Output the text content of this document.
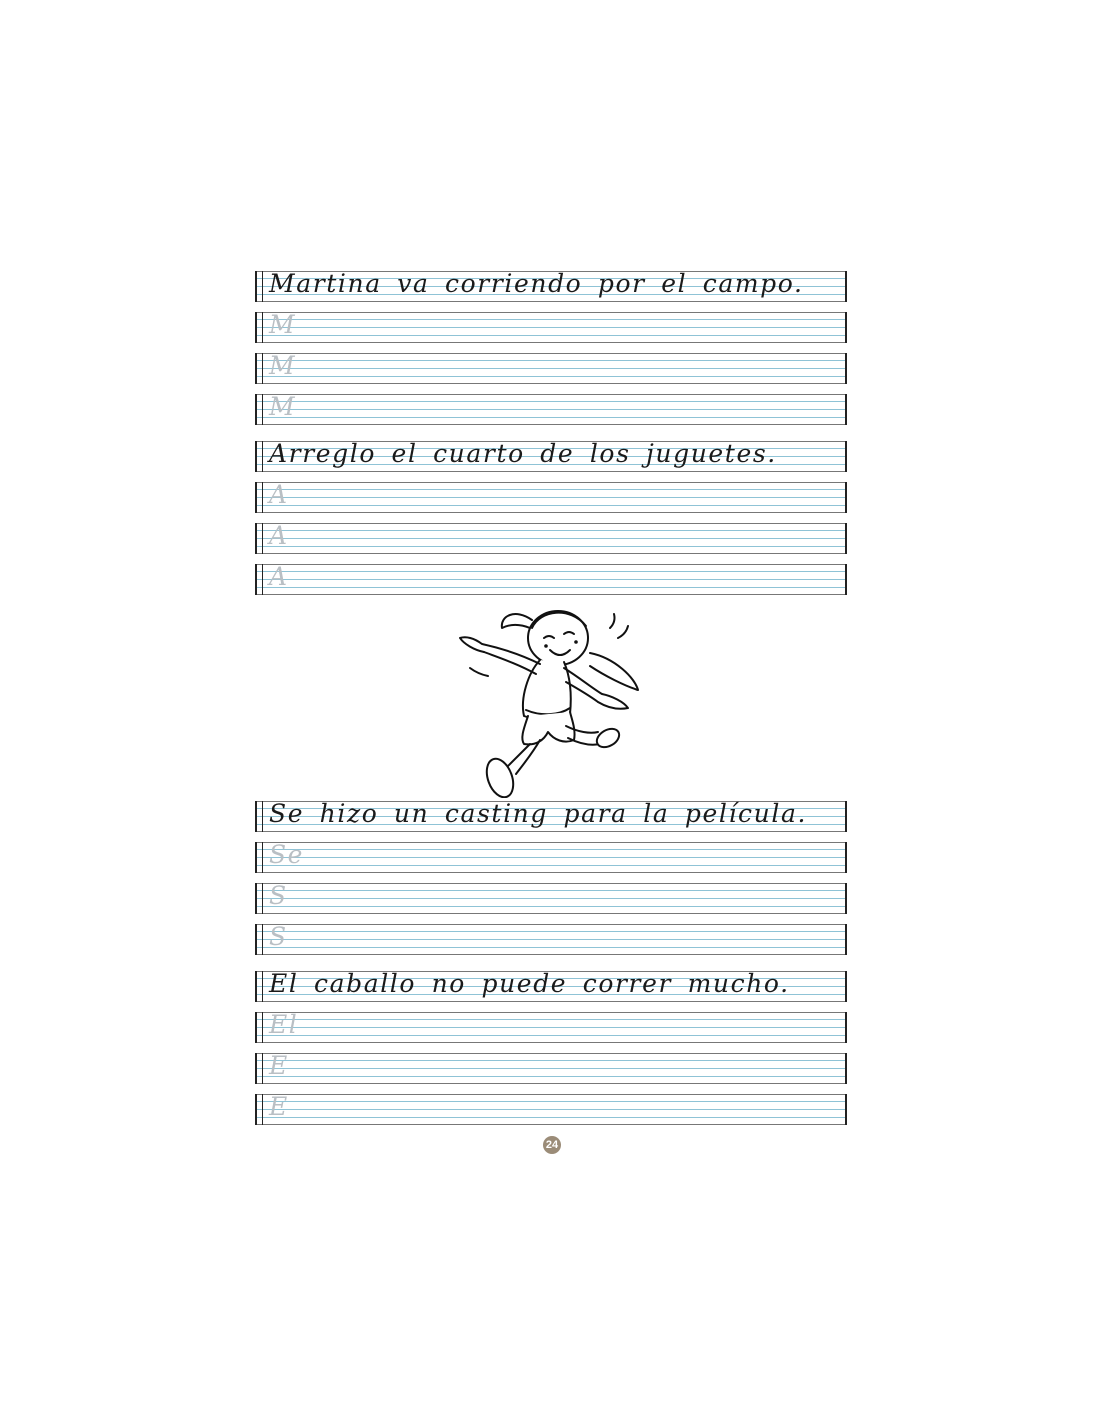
Martina va corriendo por el campo.
M
M
M
Arreglo el cuarto de los juguetes.
A
A
A
Se hizo un casting para la película.
Se
S
S
El caballo no puede correr mucho.
El
E
E
24
